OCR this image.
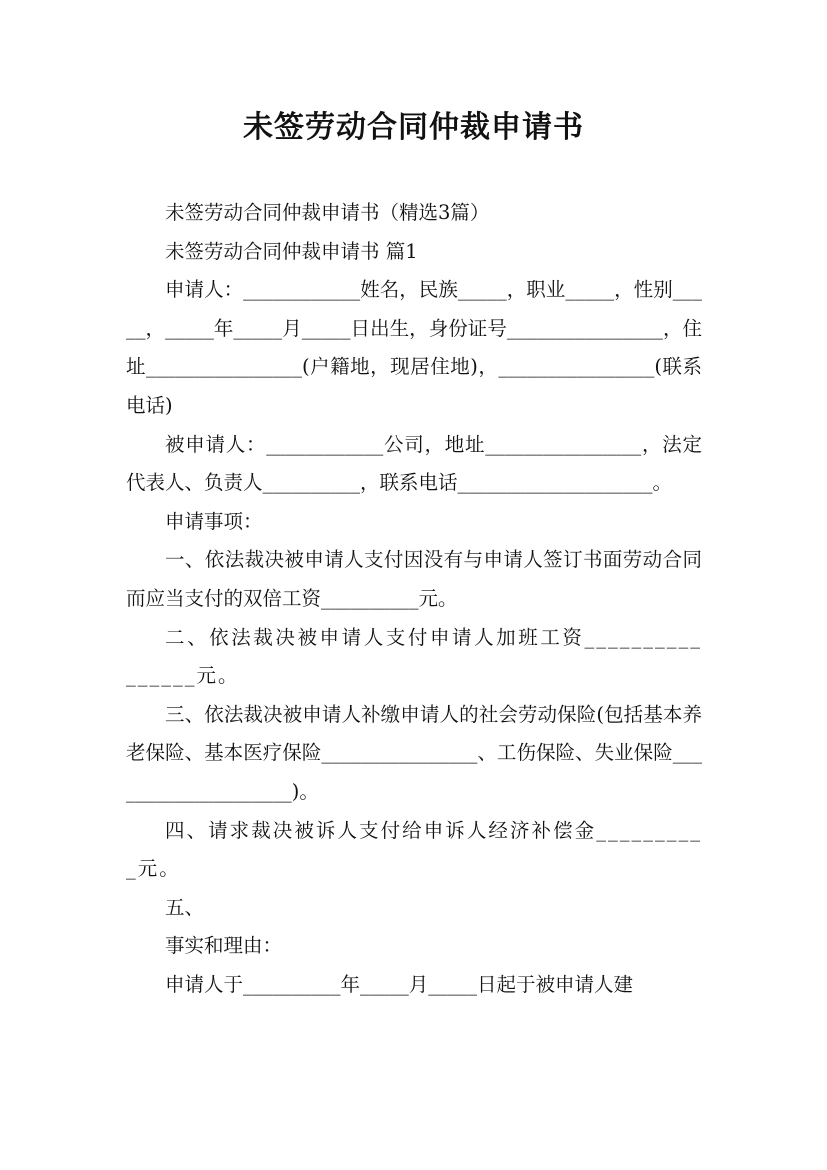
未签劳动合同仲裁申请书

未签劳动合同仲裁申请书（精选3篇）

未签劳动合同仲裁申请书 篇1

申请人：____________姓名，民族_____，职业_____，性别_____，_____年_____月_____日出生，身份证号________________，住址________________(户籍地，现居住地)，________________(联系电话)

被申请人：____________公司，地址________________，法定代表人、负责人__________，联系电话____________________。

申请事项：

一、依法裁决被申请人支付因没有与申请人签订书面劳动合同而应当支付的双倍工资__________元。

二、依法裁决被申请人支付申请人加班工资________________元。

三、依法裁决被申请人补缴申请人的社会劳动保险(包括基本养老保险、基本医疗保险________________、工伤保险、失业保险____________________)。

四、请求裁决被诉人支付给申诉人经济补偿金__________元。

五、

事实和理由：

申请人于__________年_____月_____日起于被申请人建
